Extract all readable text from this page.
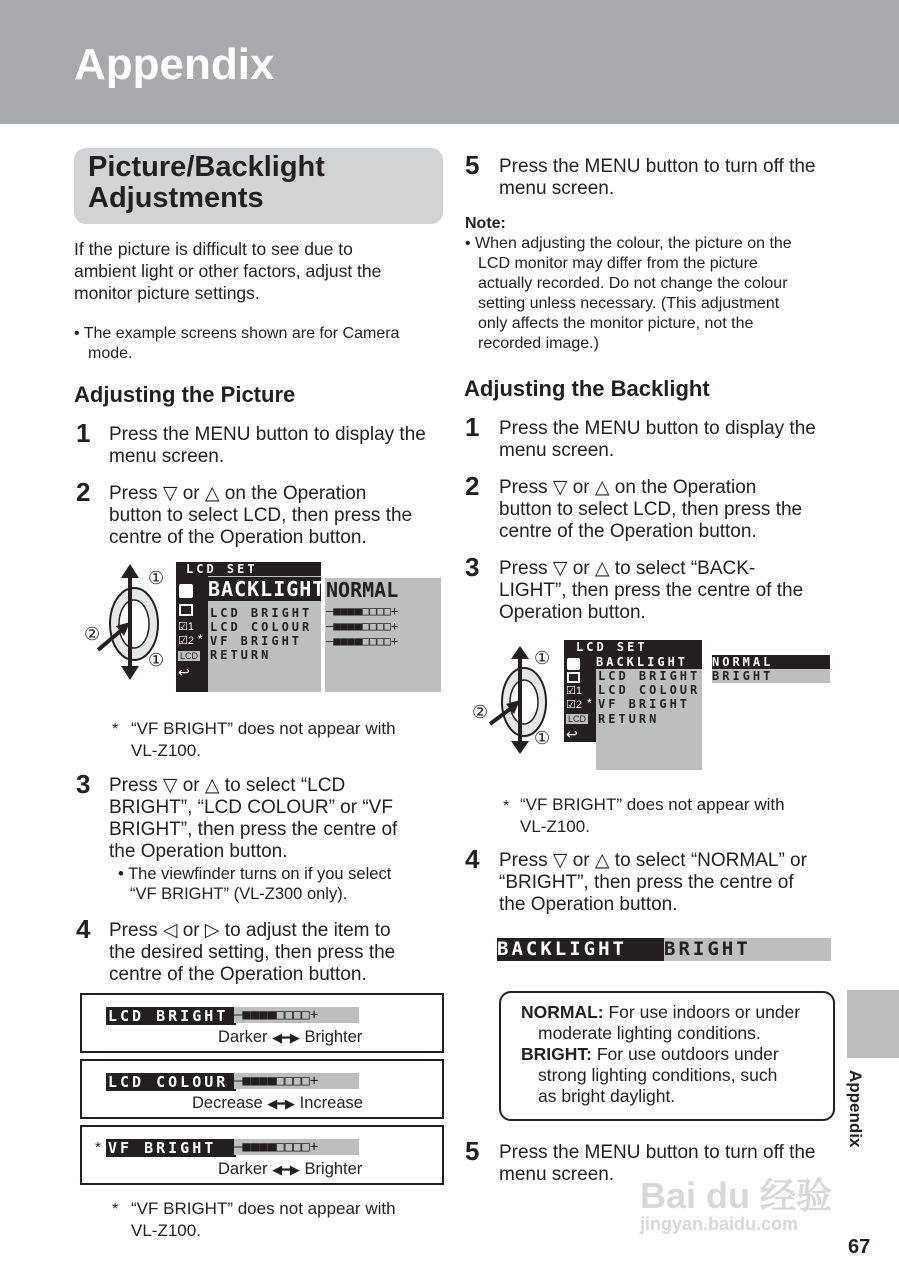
Appendix
Picture/Backlight
Adjustments
If the picture is difficult to see due to
ambient light or other factors, adjust the
monitor picture settings.
• The example screens shown are for Camera
mode.
Adjusting the Picture
1 Press the MENU button to display the
menu screen.
2 Press ▽ or △ on the Operation
button to select LCD, then press the
centre of the Operation button.
①
②
①
LCD SET
BACKLIGHT
LCD BRIGHT
LCD COLOUR
VF BRIGHT
RETURN
*
☑1
☑2
LCD
↩
NORMAL
–■■■■□□□□+
–■■■■□□□□+
–■■■■□□□□+
* “VF BRIGHT” does not appear with
VL-Z100.
3 Press ▽ or △ to select “LCD
BRIGHT”, “LCD COLOUR” or “VF
BRIGHT”, then press the centre of
the Operation button.
• The viewfinder turns on if you select
“VF BRIGHT” (VL-Z300 only).
4 Press ◁ or ▷ to adjust the item to
the desired setting, then press the
centre of the Operation button.
LCD BRIGHT –■■■■□□□□+
Darker ◀━▶ Brighter
LCD COLOUR –■■■■□□□□+
Decrease ◀━▶ Increase
* VF BRIGHT	–■■■■□□□□+
Darker ◀━▶ Brighter
* “VF BRIGHT” does not appear with
VL-Z100.
5 Press the MENU button to turn off the
menu screen.
Note:
• When adjusting the colour, the picture on the
LCD monitor may differ from the picture
actually recorded. Do not change the colour
setting unless necessary. (This adjustment
only affects the monitor picture, not the
recorded image.)
Adjusting the Backlight
1 Press the MENU button to display the
menu screen.
2 Press ▽ or △ on the Operation
button to select LCD, then press the
centre of the Operation button.
3 Press ▽ or △ to select “BACK-
LIGHT”, then press the centre of the
Operation button.
①
②
①
LCD SET
BACKLIGHT
LCD BRIGHT
LCD COLOUR
VF BRIGHT
RETURN
*
☑1
☑2
LCD
↩
NORMAL
BRIGHT
* “VF BRIGHT” does not appear with
VL-Z100.
4 Press ▽ or △ to select “NORMAL” or
“BRIGHT”, then press the centre of
the Operation button.
BACKLIGHT	BRIGHT
NORMAL: For use indoors or under
moderate lighting conditions.
BRIGHT: For use outdoors under
strong lighting conditions, such
as bright daylight.
5 Press the MENU button to turn off the
menu screen.
Appendix
67
Bai du 经验
jingyan.baidu.com
